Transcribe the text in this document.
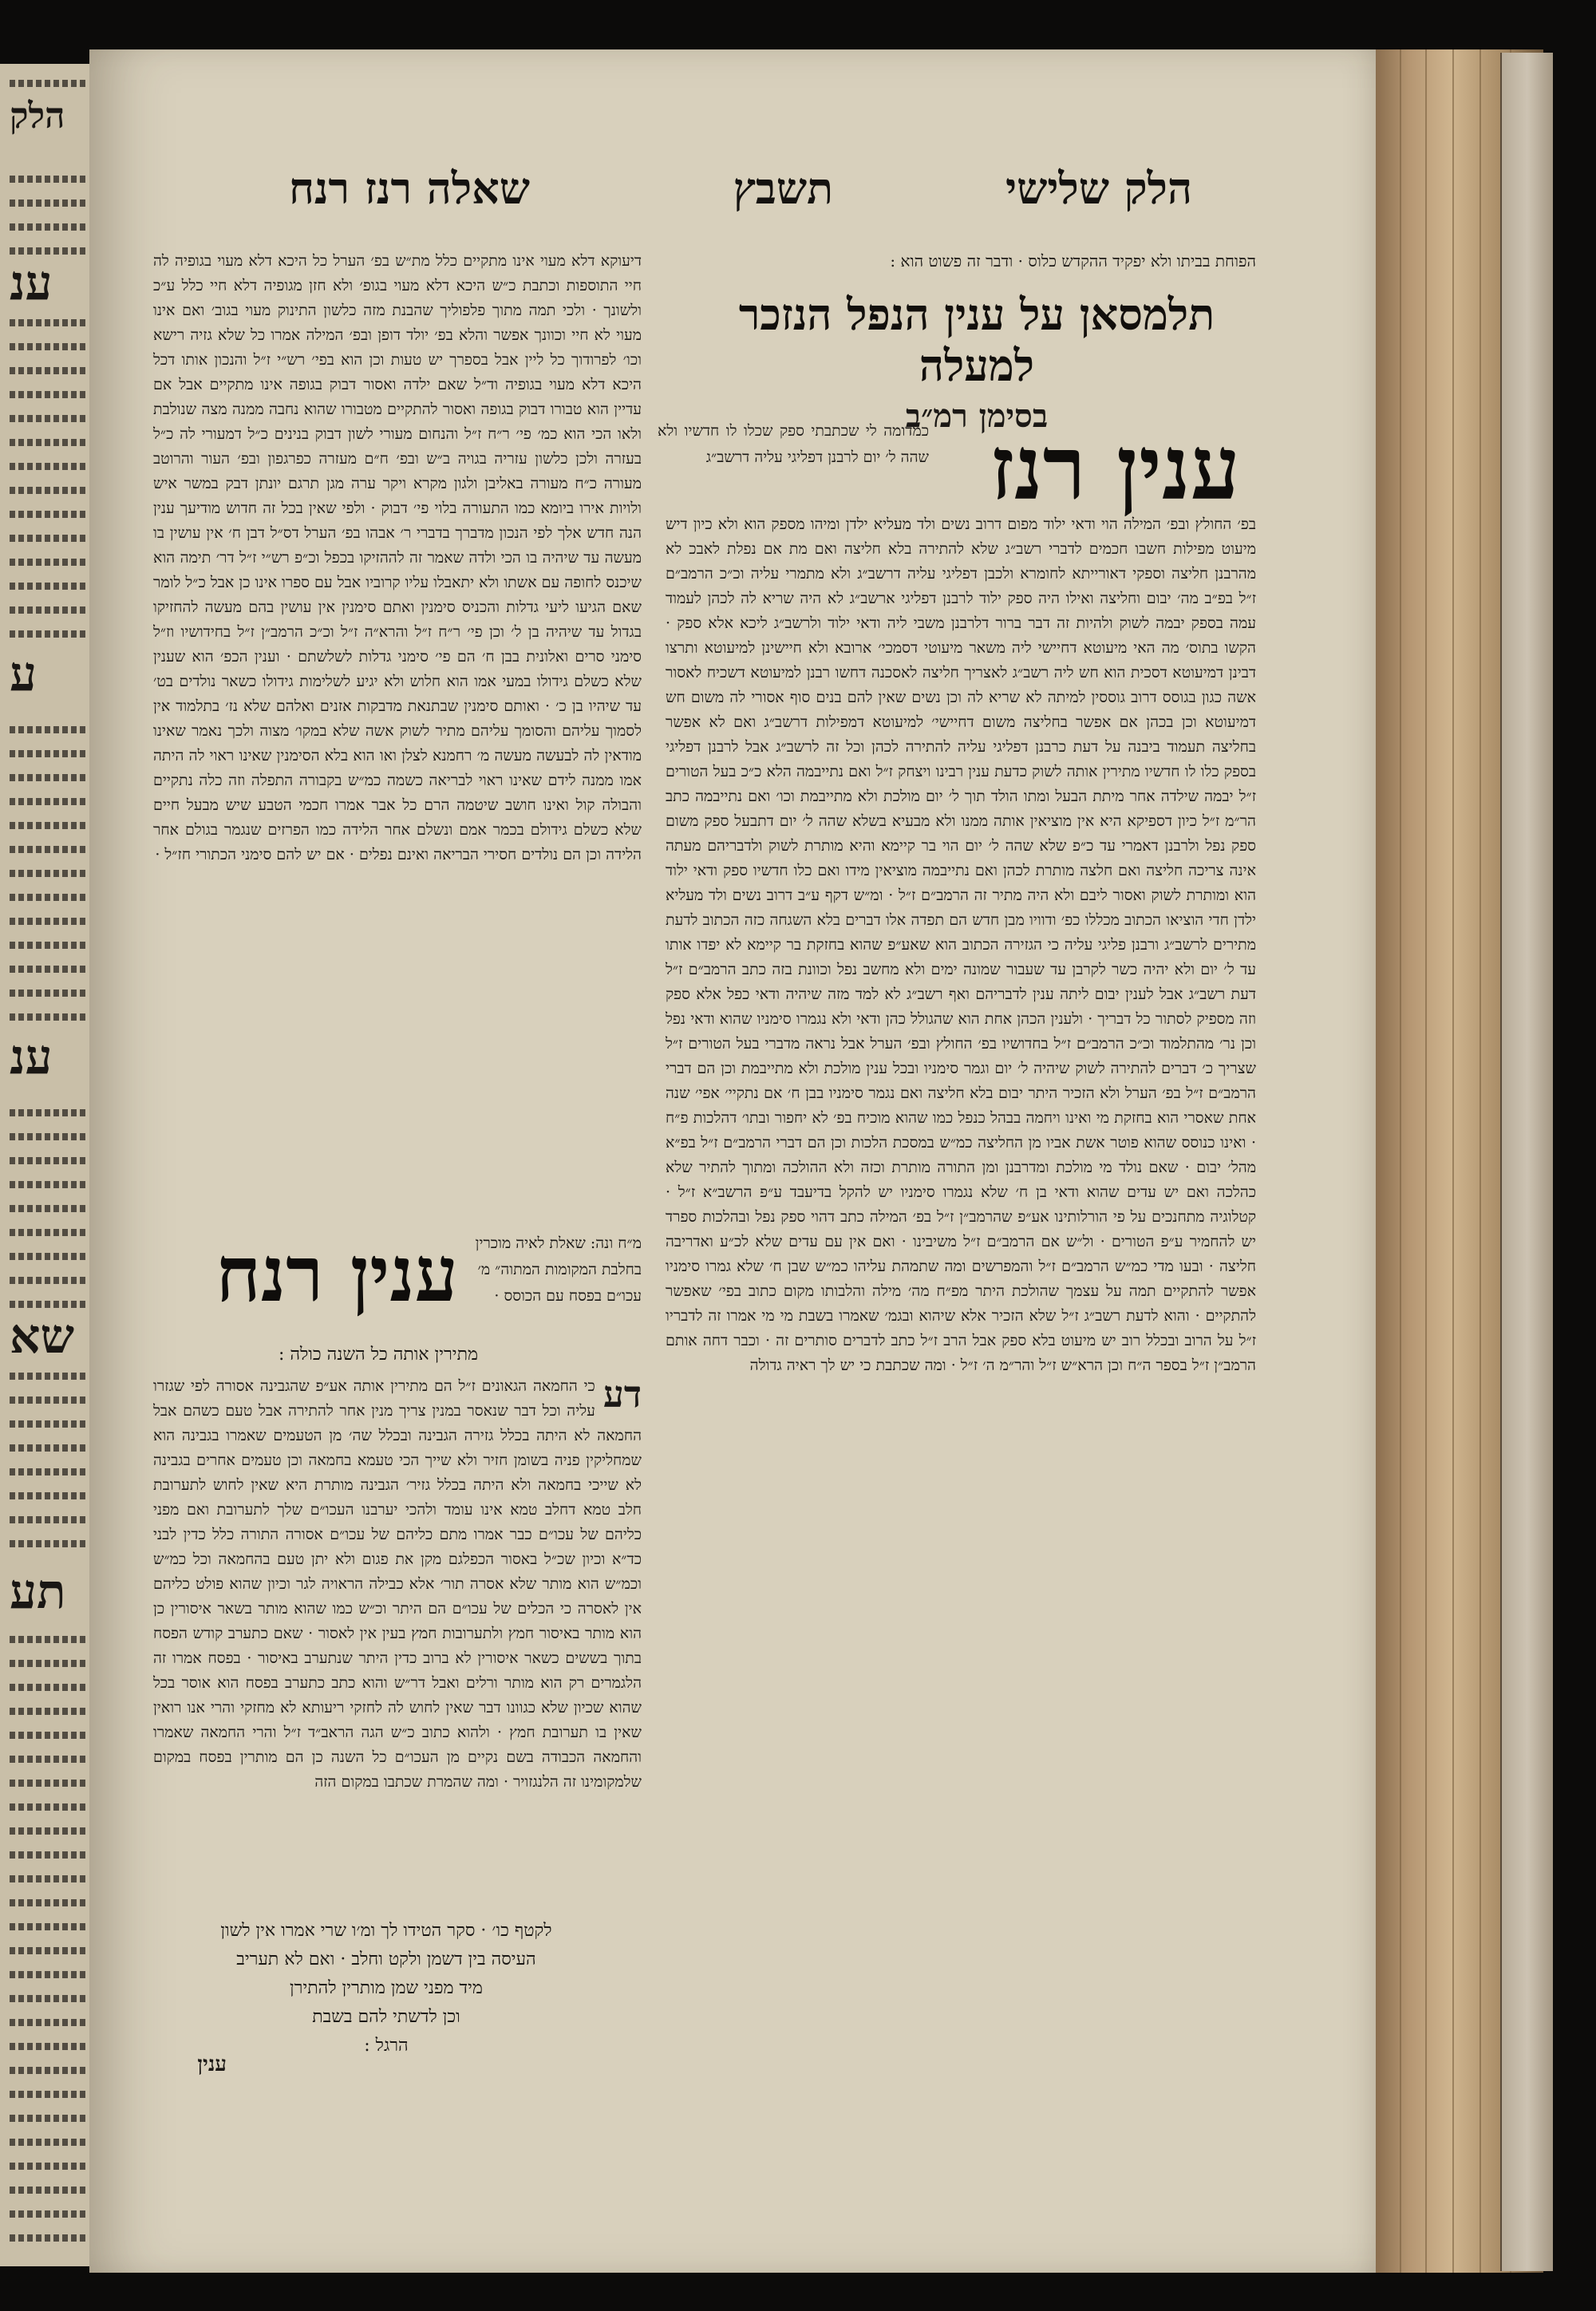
הלק
ענ
ע
ענ
שא
תע
הלק שלישי
תשבץ
שאלה רנז רנח
הפוחת בביתו ולא יפקיד ההקדש כלוס · ודבר זה פשוט הוא :
תלמסאן על ענין הנפל הנזכר למעלה
בסימן רמ״ב
ענין רנז
כמדומה לי שכתבתי ספק שכלו לו חדשיו ולא שהה ל׳ יום לרבנן דפליגי עליה דרשב״ג
בפ׳ החולץ ובפ׳ המילה הוי ודאי ילוד מפום דרוב נשים ולד מעליא ילדן ומיהו מספק הוא ולא כיון דיש מיעוט מפילות חשבו חכמים לדברי רשב״ג שלא להתירה בלא חליצה ואם מת אם נפלת לאבכ לא מהרבנן חליצה וספקי דאורייתא לחומרא ולכבן דפליגי עליה דרשב״ג ולא מתמרי עליה וכ״כ הרמב״ם ז״ל בפ״ב מה׳ יבום וחליצה ואילו היה ספק ילוד לרבנן דפליגי ארשב״ג לא היה שריא לה לכהן לעמוד עמה בספק יבמה לשוק ולהיות זה דבר ברור דלרבנן משבי ליה ודאי ילוד ולרשב״ג ליכא אלא ספק · הקשו בתוס׳ מה האי מיעוטא דחיישי ליה משאר מיעוטי דסמכי׳ ארובא ולא חיישינן למיעוטא ותרצו דבינן דמיעוטא דסכית הוא חש ליה רשב״ג לאצריך חליצה לאסכנה דחשו רבנן למיעוטא דשכיח לאסור אשה כגון בגוסס דרוב גוססין למיתה לא שריא לה וכן נשים שאין להם בנים סוף אסורי לה משום חש דמיעוטא וכן בכהן אם אפשר בחליצה משום דחיישי׳ למיעוטא דמפילות דרשב״ג ואם לא אפשר בחליצה תעמוד ביבנה על דעת כרבנן דפליגי עליה להתירה לכהן וכל זה לרשב״ג אבל לרבנן דפליגי בספק כלו לו חדשיו מתירין אותה לשוק כדעת ענין רבינו ויצחק ז״ל ואם נתייבמה הלא כ״כ בעל הטורים ז״ל יבמה שילדה אחר מיתת הבעל ומתו הולד תוך ל׳ יום מולכת ולא מתייבמת וכו׳ ואם נתייבמה כתב הר״מ ז״ל כיון דספיקא היא אין מוציאין אותה ממנו ולא מבעיא בשלא שהה ל׳ יום דתבעל ספק משום ספק נפל ולרבנן דאמרי עד כ״פ שלא שהה ל׳ יום הוי בר קיימא והיא מותרת לשוק ולדבריהם מעתה אינה צריכה חליצה ואם חלצה מותרת לכהן ואם נתייבמה מוציאין מידו ואם כלו חדשיו ספק ודאי ילוד הוא ומותרת לשוק ואסור ליבם ולא היה מתיר זה הרמב״ם ז״ל · ומ״ש דקף ע״ב דרוב נשים ולד מעליא ילדן חדי הוציאו הכתוב מכללו כפ׳ ודוויו מבן חדש הם תפדה אלו דברים בלא השגחה כזה הכתוב לדעת מתירים לרשב״ג ורבנן פליגי עליה כי הגזירה הכתוב הוא שאע״פ שהוא בחזקת בר קיימא לא יפדו אותו עד ל׳ יום ולא יהיה כשר לקרבן עד שעבור שמונה ימים ולא מחשב נפל וכוונת בזה כתב הרמב״ם ז״ל דעת רשב״ג אבל לענין יבום ליתה ענין לדבריהם ואף רשב״ג לא למד מזה שיהיה ודאי כפל אלא ספק וזה מספיק לסתור כל דבריך · ולענין הכהן אחת הוא שהגולל כהן ודאי ולא נגמרו סימניו שהוא ודאי נפל וכן נר׳ מהתלמוד וכ״כ הרמב״ם ז״ל בחדושיו בפ׳ החולץ ובפ׳ הערל אבל נראה מדברי בעל הטורים ז״ל שצריך כ׳ דברים להתירה לשוק שיהיה ל׳ יום וגמר סימניו ובכל ענין מולכת ולא מתייבמת וכן הם דברי הרמב״ם ז״ל בפ׳ הערל ולא הזכיר היתר יבום בלא חליצה ואם נגמר סימניו בבן ח׳ אם נתקיי׳ אפי׳ שנה אחת שאסרי הוא בחזקת מי ואינו ויחמה בבהל כנפל כמו שהוא מוכיח בפ׳ לא יחפור ובתו׳ דהלכות פ״ח · ואינו כנוסס שהוא פוטר אשת אביו מן החליצה כמ״ש במסכת הלכות וכן הם דברי הרמב״ם ז״ל בפ״א מהל׳ יבום · שאם נולד מי מולכת ומדרבנן ומן התורה מותרת וכזה ולא ההולכה ומתוך להתיר שלא כהלכה ואם יש עדים שהוא ודאי בן ח׳ שלא נגמרו סימניו יש להקל בדיעבד ע״פ הרשב״א ז״ל · קטלוגיה מתחנכים על פי הורלותינו אע״פ שהרמב״ן ז״ל בפ׳ המילה כתב דהוי ספק נפל ובהלכות ספרד יש להחמיר ע״פ הטורים · ול״ש אם הרמב״ם ז״ל משיבינו · ואם אין עם עדים שלא לכ״ע ואדריבה חליצה · ובעו מדי כמ״ש הרמב״ם ז״ל והמפרשים ומה שתמהת עליהו כמ״ש שבן ח׳ שלא גמרו סימניו אפשר להתקיים תמה על עצמך שהולכת היתר מפ״ח מה׳ מילה והלבותו מקום כתוב בפי׳ שאפשר להתקיים · והוא לדעת רשב״ג ז״ל שלא הזכיר אלא שיהוא ובגמ׳ שאמרו בשבת מי מי אמרו זה לדבריו ז״ל על הרוב ובכלל רוב יש מיעוט בלא ספק אבל הרב ז״ל כתב לדברים סותרים זה · וכבר דחה אותם הרמב״ן ז״ל בספר ה״ח וכן הרא״ש ז״ל והר״מ ה׳ ז״ל · ומה שכתבת כי יש לך ראיה גדולה
דיעוקא דלא מעוי אינו מתקיים כלל מת״ש בפ׳ הערל כל היכא דלא מעוי בגופיה לה חיי התוספות וכתבת כ״ש היכא דלא מעוי בגופ׳ ולא חזן מגופיה דלא חיי כלל ע״כ ולשונך · ולכי תמה מתוך פלפוליך שהבנת מזה כלשון התינוק מעוי בגוב׳ ואם אינו מעוי לא חיי וכוונך אפשר והלא בפ׳ יולד דופן ובפ׳ המילה אמרו כל שלא גזיה רישא וכו׳ לפרודוך כל ליין אבל בספרך יש טעות וכן הוא בפי׳ רש״י ז״ל והנכון אותו דכל היכא דלא מעוי בגופיה וד״ל שאם ילדה ואסור דבוק בגופה אינו מתקיים אבל אם עדיין הוא טבורו דבוק בגופה ואסור להתקיים מטבורו שהוא נחבה ממנה מצה שנולבת ולאו הכי הוא כמ׳ פי׳ ר״ח ז״ל והנחום מעורי לשון דבוק בנינים כ״ל דמעורי לה כ״ל בעזרה ולכן כלשון עזריה בגויה ב״ש ובפ׳ ח״ם מעזרה כפרגפון ובפ׳ העור והרוטב מעורה כ״ח מעורה באליבן ולגון מקרא ויקר ערה מגן תרגם יונתן דבק במשר איש ולויות אירו ביומא כמו התעורה בלוי פי׳ דבוק · ולפי שאין בכל זה חדוש מודיעך ענין הנה חדש אלך לפי הנכון מדברך בדברי ר׳ אבהו בפ׳ הערל דס״ל דבן ח׳ אין עושין בו מעשה עד שיהיה בו הכי ולדה שאמר זה לההזיקו בכפל וכ״פ רש״י ז״ל דר׳ תימה הוא שיכנס לחופה עם אשתו ולא יתאבלו עליו קרוביו אבל עם ספרו אינו כן אבל כ״ל לומר שאם הגיעו ליעי גדלות והכניס סימנין ואתם סימנין אין עושין בהם מעשה להחזיקו בגדול עד שיהיה בן ל׳ וכן פי׳ ר״ח ז״ל והרא״ה ז״ל וכ״כ הרמב״ן ז״ל בחידושיו וז״ל סימני סרים ואלונית בבן ח׳ הם פי׳ סימני גדלות לשלשתם · וענין הכפ׳ הוא שענין שלא כשלם גידולו במעי אמו הוא חלוש ולא יגיע לשלימות גידולו כשאר נולדים בט׳ עד שיהיו בן כ׳ · ואותם סימנין שבתנאת מדבקות אזנים ואלהם שלא נז׳ בתלמוד אין לסמוך עליהם והסומך עליהם מתיר לשוק אשה שלא במקו׳ מצוה ולכך נאמר שאינו מודאין לה לבעשה מעשה מ׳ רחמנא לצלן ואו הוא בלא הסימנין שאינו ראוי לה היתה אמו ממנה לידם שאינו ראוי לבריאה כשמה כמ״ש בקבורה התפלה וזה כלה נתקיים והבולה קול ואינו חושב שיטמה הרם כל אבר אמרו חכמי הטבע שיש מבעל חיים שלא כשלם גידולם בכמר אמם ונשלם אחר הלידה כמו הפרזים שנגמר בגולם אחר הלידה וכן הם נולדים חסירי הבריאה ואינם נפלים · אם יש להם סימני הכתורי חז״ל ·
ענין רנח	מ״ח ונה: שאלת לאיה מוכרין בחלבת המקומות המתוה״ מ׳ עכו״ם בפסח עם הכוסס ·
מתירין אותה כל השנה כולה :
דע
כי החמאה הגאונים ז״ל הם מתירין אותה אע״פ שהגבינה אסורה לפי שגזרו עליה וכל דבר שנאסר במנין צריך מנין אחר להתירה אבל טעם כשהם אבל החמאה לא היתה בכלל גזירה הגבינה ובכלל שה׳ מן הטעמים שאמרו בגבינה הוא שמחליקין פניה בשומן חזיר ולא שייך הכי טעמא בחמאה וכן טעמים אחרים בגבינה לא שייכי בחמאה ולא היתה בכלל גזיר׳ הגבינה מותרת היא שאין לחוש לתערובת חלב טמא דחלב טמא אינו עומד ולהכי יערבנו העכו״ם שלך לתערובת ואם מפני כליהם של עכו״ם כבר אמרו מתם כליהם של עכו״ם אסורה התורה כלל כדין לבני כד״א וכיון שכ״ל באסור הכפלגם מקן את פגום ולא יתן טעם בהחמאה וכל כמ״ש וכמ״ש הוא מותר שלא אסרה תור׳ אלא כבילה הראויה לגר וכיון שהוא פולט כליהם אין לאסרה כי הכלים של עכו״ם הם היתר וכ״ש כמו שהוא מותר בשאר איסורין כן הוא מותר באיסור חמץ ולתערובות חמץ בעין אין לאסור · שאם כתערב קודש הפסח בתוך בששים כשאר איסורין לא ברוב כדין היתר שנתערב באיסור · בפסח אמרו זה הלגמרים רק הוא מותר ורלים ואבל דר״ש והוא כתב כתערב בפסח הוא אוסר בכל שהוא שכיון שלא כגוונו דבר שאין לחוש לה לחזקי ריעותא לא מחזקי והרי אנו רואין שאין בו תערובת חמץ · ולהוא כתוב כ״ש הגה הראב״ד ז״ל והרי החמאה שאמרו והחמאה הכבודה בשם נקיים מן העכו״ם כל השנה כן הם מותרין בפסח במקום שלמקומינו זה הלנגזויר · ומה שהמרת שכתבו במקום הזה
לקטף כו׳ · סקר הטידו לך ומ׳ו שרי אמרו אין לשון
העיסה בין דשמן ולקט וחלב · ואם לא תעריב
מיד מפני שמן מותרין להתירן
וכן לדשתי להם בשבת
הרגל :
ענין
